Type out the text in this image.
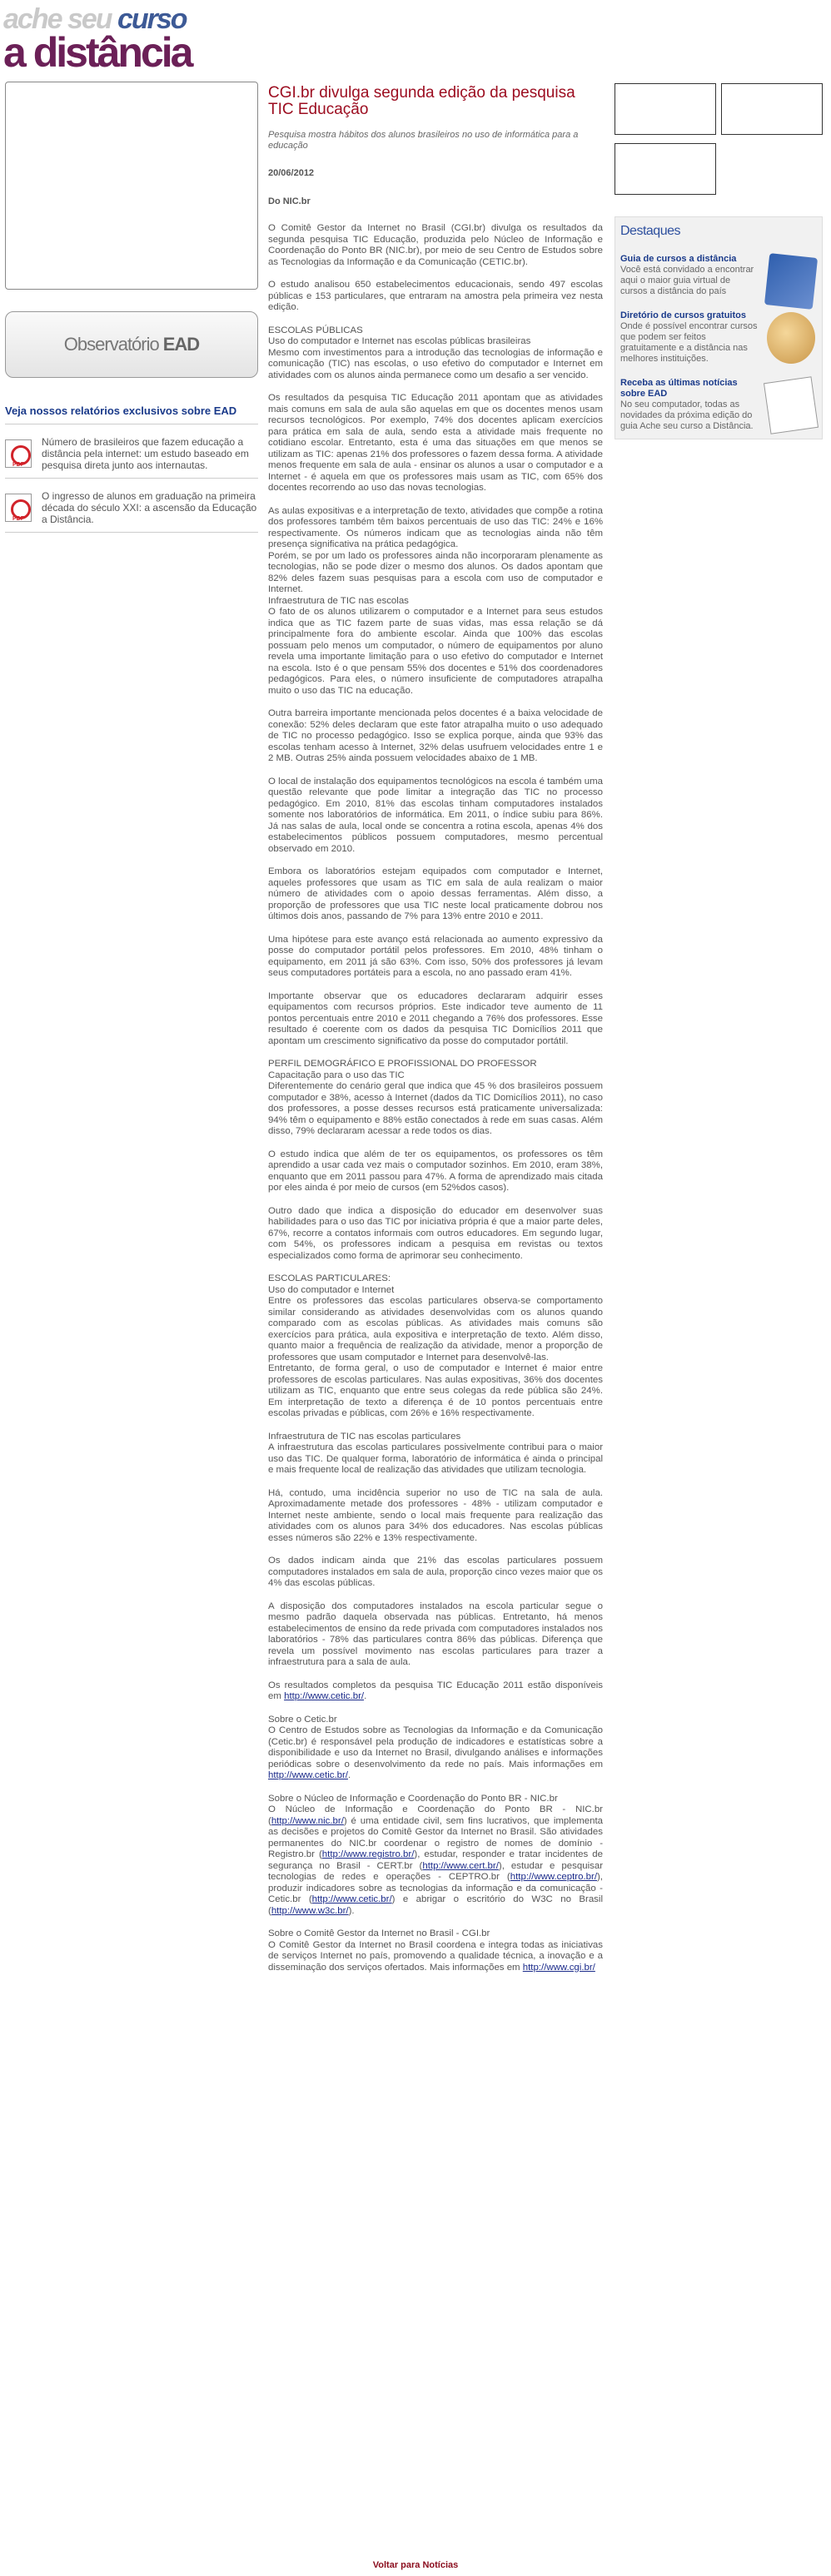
ache seu curso
a distância
Observatório EAD
Veja nossos relatórios exclusivos sobre EAD
PDF
Número de brasileiros que fazem educação a distância pela internet: um estudo baseado em pesquisa direta junto aos internautas.
PDF
O ingresso de alunos em graduação na primeira década do século XXI: a ascensão da Educação a Distância.
CGI.br divulga segunda edição da pesquisa TIC Educação
Pesquisa mostra hábitos dos alunos brasileiros no uso de informática para a educação
20/06/2012
Do NIC.br

O Comitê Gestor da Internet no Brasil (CGI.br) divulga os resultados da segunda pesquisa TIC Educação, produzida pelo Núcleo de Informação e Coordenação do Ponto BR (NIC.br), por meio de seu Centro de Estudos sobre as Tecnologias da Informação e da Comunicação (CETIC.br).

O estudo analisou 650 estabelecimentos educacionais, sendo 497 escolas públicas e 153 particulares, que entraram na amostra pela primeira vez nesta edição.

ESCOLAS PÚBLICAS
Uso do computador e Internet nas escolas públicas brasileiras
Mesmo com investimentos para a introdução das tecnologias de informação e comunicação (TIC) nas escolas, o uso efetivo do computador e Internet em atividades com os alunos ainda permanece como um desafio a ser vencido.

Os resultados da pesquisa TIC Educação 2011 apontam que as atividades mais comuns em sala de aula são aquelas em que os docentes menos usam recursos tecnológicos. Por exemplo, 74% dos docentes aplicam exercícios para prática em sala de aula, sendo esta a atividade mais frequente no cotidiano escolar. Entretanto, esta é uma das situações em que menos se utilizam as TIC: apenas 21% dos professores o fazem dessa forma. A atividade menos frequente em sala de aula - ensinar os alunos a usar o computador e a Internet - é aquela em que os professores mais usam as TIC, com 65% dos docentes recorrendo ao uso das novas tecnologias.

As aulas expositivas e a interpretação de texto, atividades que compõe a rotina dos professores também têm baixos percentuais de uso das TIC: 24% e 16% respectivamente. Os números indicam que as tecnologias ainda não têm presença significativa na prática pedagógica.
Porém, se por um lado os professores ainda não incorporaram plenamente as tecnologias, não se pode dizer o mesmo dos alunos. Os dados apontam que 82% deles fazem suas pesquisas para a escola com uso de computador e Internet.
Infraestrutura de TIC nas escolas
O fato de os alunos utilizarem o computador e a Internet para seus estudos indica que as TIC fazem parte de suas vidas, mas essa relação se dá principalmente fora do ambiente escolar. Ainda que 100% das escolas possuam pelo menos um computador, o número de equipamentos por aluno revela uma importante limitação para o uso efetivo do computador e Internet na escola. Isto é o que pensam 55% dos docentes e 51% dos coordenadores pedagógicos. Para eles, o número insuficiente de computadores atrapalha muito o uso das TIC na educação.

Outra barreira importante mencionada pelos docentes é a baixa velocidade de conexão: 52% deles declaram que este fator atrapalha muito o uso adequado de TIC no processo pedagógico. Isso se explica porque, ainda que 93% das escolas tenham acesso à Internet, 32% delas usufruem velocidades entre 1 e 2 MB. Outras 25% ainda possuem velocidades abaixo de 1 MB.

O local de instalação dos equipamentos tecnológicos na escola é também uma questão relevante que pode limitar a integração das TIC no processo pedagógico. Em 2010, 81% das escolas tinham computadores instalados somente nos laboratórios de informática. Em 2011, o índice subiu para 86%. Já nas salas de aula, local onde se concentra a rotina escola, apenas 4% dos estabelecimentos públicos possuem computadores, mesmo percentual observado em 2010.

Embora os laboratórios estejam equipados com computador e Internet, aqueles professores que usam as TIC em sala de aula realizam o maior número de atividades com o apoio dessas ferramentas. Além disso, a proporção de professores que usa TIC neste local praticamente dobrou nos últimos dois anos, passando de 7% para 13% entre 2010 e 2011.

Uma hipótese para este avanço está relacionada ao aumento expressivo da posse do computador portátil pelos professores. Em 2010, 48% tinham o equipamento, em 2011 já são 63%. Com isso, 50% dos professores já levam seus computadores portáteis para a escola, no ano passado eram 41%.

Importante observar que os educadores declararam adquirir esses equipamentos com recursos próprios. Este indicador teve aumento de 11 pontos percentuais entre 2010 e 2011 chegando a 76% dos professores. Esse resultado é coerente com os dados da pesquisa TIC Domicílios 2011 que apontam um crescimento significativo da posse do computador portátil.

PERFIL DEMOGRÁFICO E PROFISSIONAL DO PROFESSOR
Capacitação para o uso das TIC
Diferentemente do cenário geral que indica que 45 % dos brasileiros possuem computador e 38%, acesso à Internet (dados da TIC Domicílios 2011), no caso dos professores, a posse desses recursos está praticamente universalizada: 94% têm o equipamento e 88% estão conectados à rede em suas casas. Além disso, 79% declararam acessar a rede todos os dias.

O estudo indica que além de ter os equipamentos, os professores os têm aprendido a usar cada vez mais o computador sozinhos. Em 2010, eram 38%, enquanto que em 2011 passou para 47%. A forma de aprendizado mais citada por eles ainda é por meio de cursos (em 52%dos casos).

Outro dado que indica a disposição do educador em desenvolver suas habilidades para o uso das TIC por iniciativa própria é que a maior parte deles, 67%, recorre a contatos informais com outros educadores. Em segundo lugar, com 54%, os professores indicam a pesquisa em revistas ou textos especializados como forma de aprimorar seu conhecimento.

ESCOLAS PARTICULARES:
Uso do computador e Internet
Entre os professores das escolas particulares observa-se comportamento similar considerando as atividades desenvolvidas com os alunos quando comparado com as escolas públicas. As atividades mais comuns são exercícios para prática, aula expositiva e interpretação de texto. Além disso, quanto maior a frequência de realização da atividade, menor a proporção de professores que usam computador e Internet para desenvolvê-las.
Entretanto, de forma geral, o uso de computador e Internet é maior entre professores de escolas particulares. Nas aulas expositivas, 36% dos docentes utilizam as TIC, enquanto que entre seus colegas da rede pública são 24%. Em interpretação de texto a diferença é de 10 pontos percentuais entre escolas privadas e públicas, com 26% e 16% respectivamente.

Infraestrutura de TIC nas escolas particulares
A infraestrutura das escolas particulares possivelmente contribui para o maior uso das TIC. De qualquer forma, laboratório de informática é ainda o principal e mais frequente local de realização das atividades que utilizam tecnologia.

Há, contudo, uma incidência superior no uso de TIC na sala de aula. Aproximadamente metade dos professores - 48% - utilizam computador e Internet neste ambiente, sendo o local mais frequente para realização das atividades com os alunos para 34% dos educadores. Nas escolas públicas esses números são 22% e 13% respectivamente.

Os dados indicam ainda que 21% das escolas particulares possuem computadores instalados em sala de aula, proporção cinco vezes maior que os 4% das escolas públicas.

A disposição dos computadores instalados na escola particular segue o mesmo padrão daquela observada nas públicas. Entretanto, há menos estabelecimentos de ensino da rede privada com computadores instalados nos laboratórios - 78% das particulares contra 86% das públicas. Diferença que revela um possível movimento nas escolas particulares para trazer a infraestrutura para a sala de aula.

Os resultados completos da pesquisa TIC Educação 2011 estão disponíveis em http://www.cetic.br/.

Sobre o Cetic.br
O Centro de Estudos sobre as Tecnologias da Informação e da Comunicação (Cetic.br) é responsável pela produção de indicadores e estatísticas sobre a disponibilidade e uso da Internet no Brasil, divulgando análises e informações periódicas sobre o desenvolvimento da rede no país. Mais informações em http://www.cetic.br/.

Sobre o Núcleo de Informação e Coordenação do Ponto BR - NIC.br
O Núcleo de Informação e Coordenação do Ponto BR - NIC.br (http://www.nic.br/) é uma entidade civil, sem fins lucrativos, que implementa as decisões e projetos do Comitê Gestor da Internet no Brasil. São atividades permanentes do NIC.br coordenar o registro de nomes de domínio - Registro.br (http://www.registro.br/), estudar, responder e tratar incidentes de segurança no Brasil - CERT.br (http://www.cert.br/), estudar e pesquisar tecnologias de redes e operações - CEPTRO.br (http://www.ceptro.br/), produzir indicadores sobre as tecnologias da informação e da comunicação - Cetic.br (http://www.cetic.br/) e abrigar o escritório do W3C no Brasil (http://www.w3c.br/).

Sobre o Comitê Gestor da Internet no Brasil - CGI.br
O Comitê Gestor da Internet no Brasil coordena e integra todas as iniciativas de serviços Internet no país, promovendo a qualidade técnica, a inovação e a disseminação dos serviços ofertados. Mais informações em http://www.cgi.br/

Destaques
Guia de cursos a distância
Você está convidado a encontrar aqui o maior guia virtual de cursos a distância do país
Diretório de cursos gratuitos
Onde é possível encontrar cursos que podem ser feitos gratuitamente e a distância nas melhores instituições.
Receba as últimas notícias sobre EAD
No seu computador, todas as novidades da próxima edição do guia Ache seu curso a Distância.
Voltar para Notícias
